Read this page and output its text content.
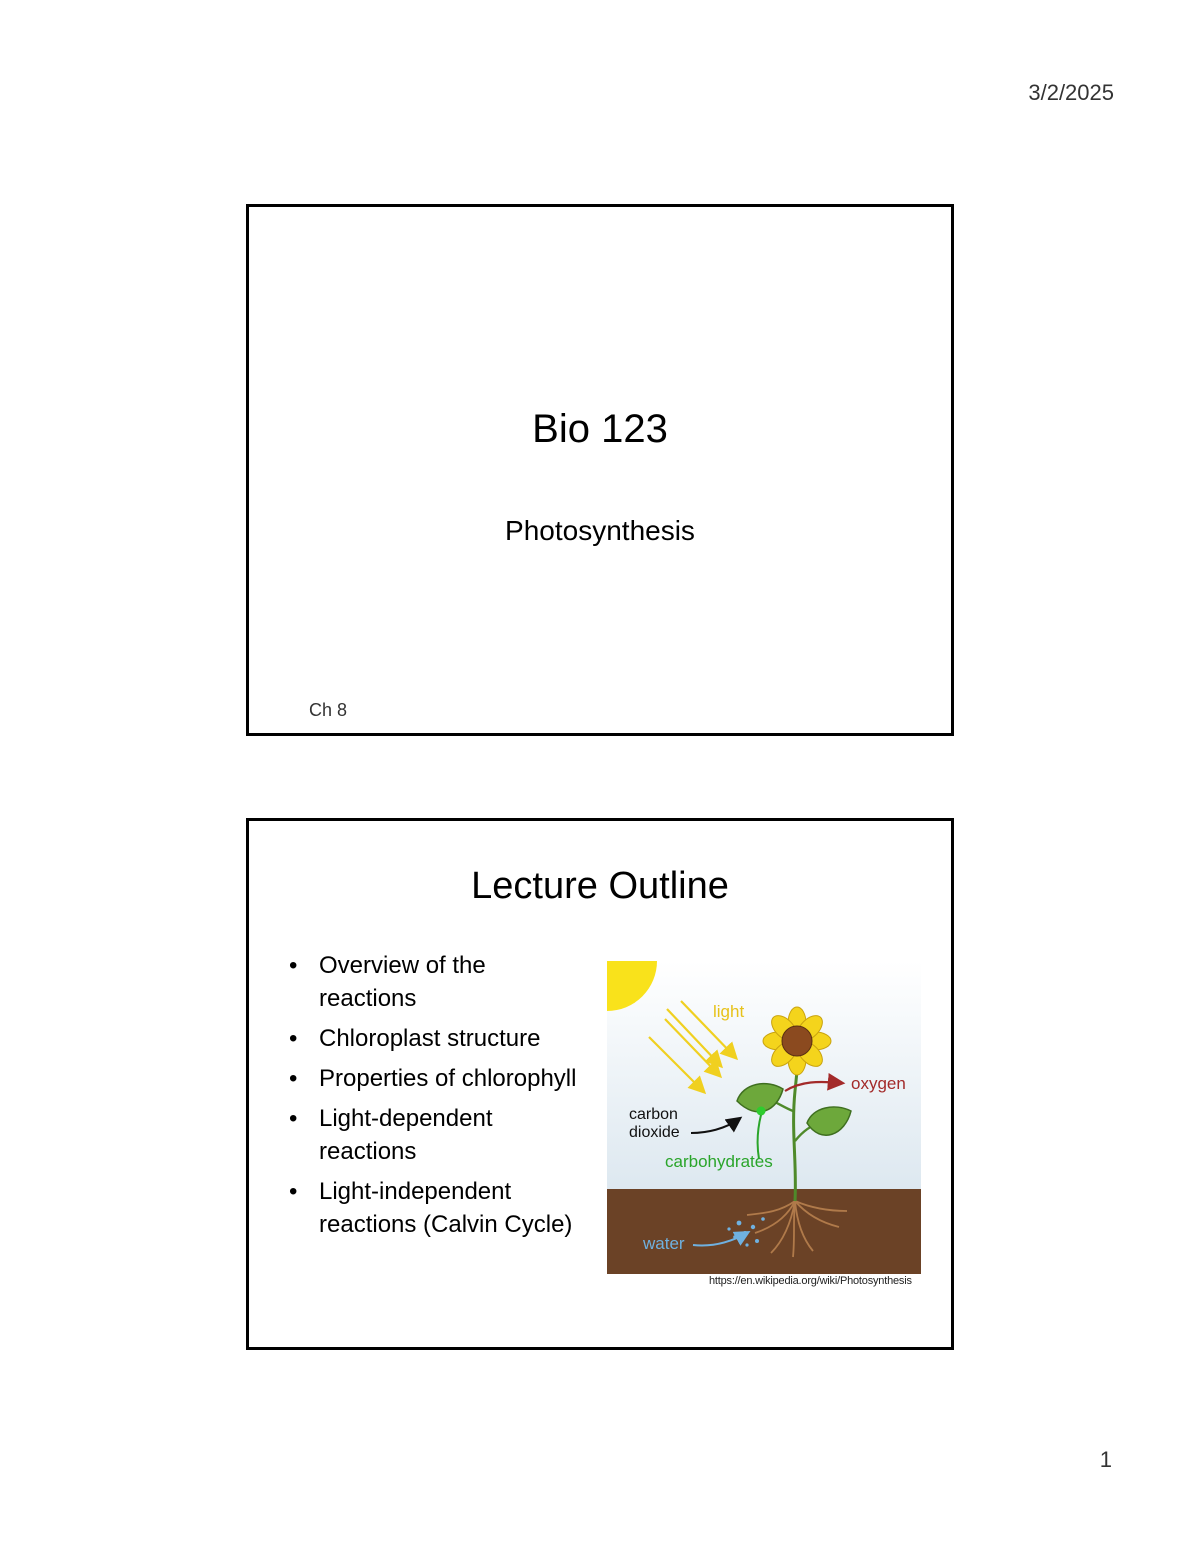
3/2/2025
Bio 123
Photosynthesis
Ch 8
Lecture Outline
• Overview of the reactions
• Chloroplast structure
• Properties of chlorophyll
• Light-dependent reactions
• Light-independent reactions (Calvin Cycle)
light
oxygen
carbon
dioxide
carbohydrates
water
https://en.wikipedia.org/wiki/Photosynthesis
1
